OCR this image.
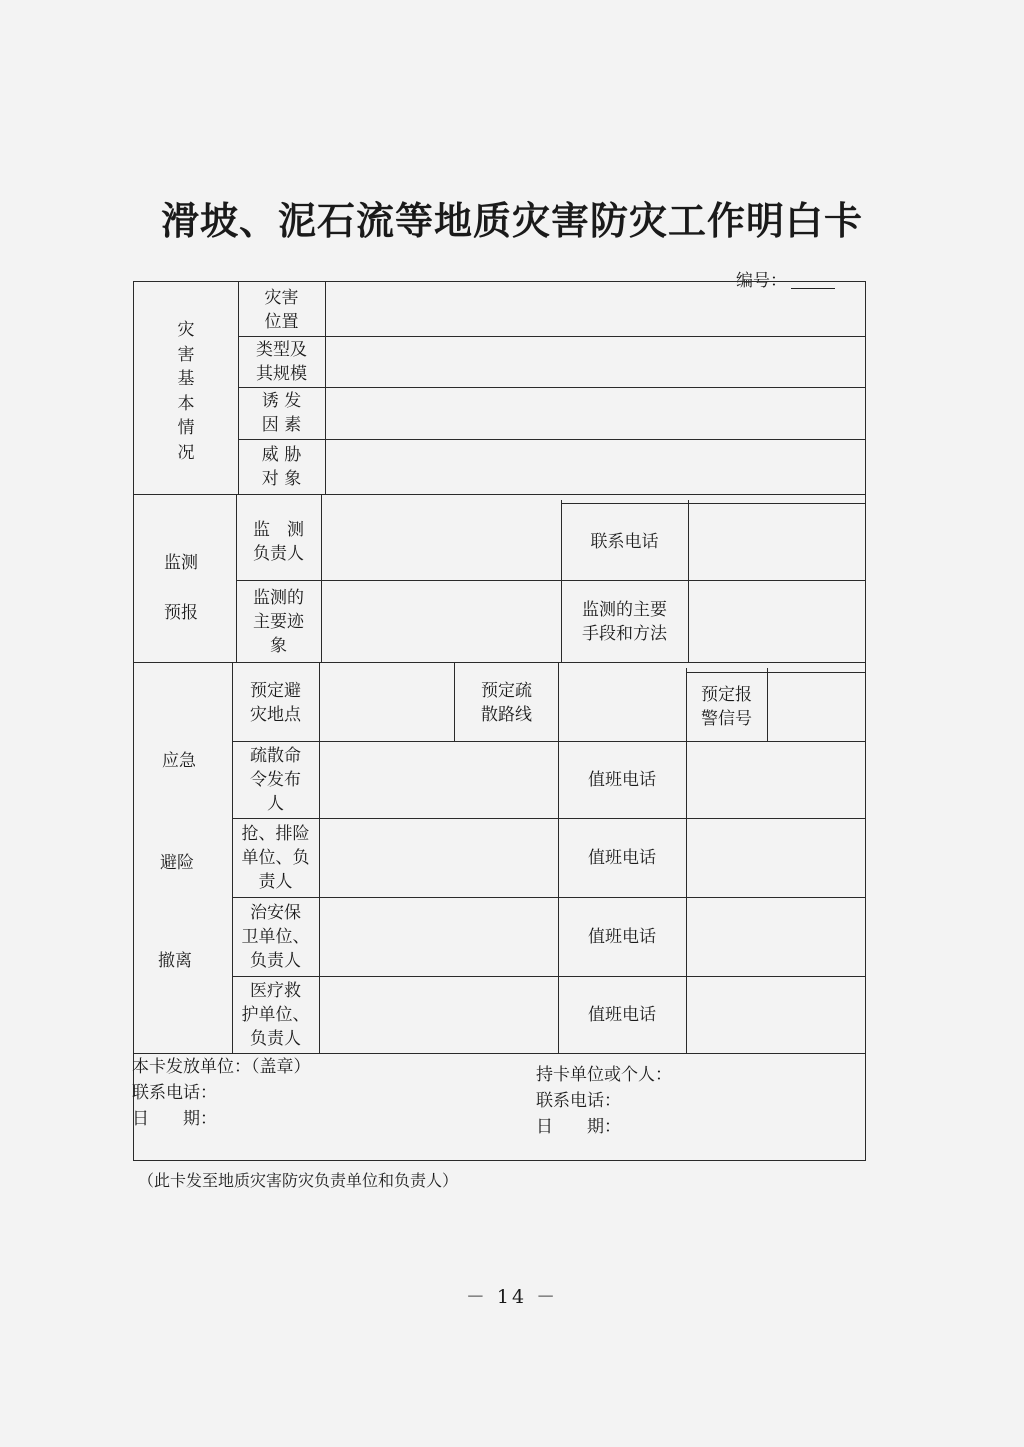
滑坡、泥石流等地质灾害防灾工作明白卡
编号：
灾
害
基
本
情
况
灾害
位置
类型及
其规模
诱 发
因 素
威 胁
对 象
监测
预报
监　测
负责人
联系电话
监测的
主要迹
象
监测的主要
手段和方法
应急
避险
撤离
预定避
灾地点
预定疏
散路线
预定报
警信号
疏散命
令发布
人
值班电话
抢、排险
单位、负
责人
值班电话
治安保
卫单位、
负责人
值班电话
医疗救
护单位、
负责人
值班电话
本卡发放单位：（盖章）
联系电话：
日　　期：
持卡单位或个人：
联系电话：
日　　期：
（此卡发至地质灾害防灾负责单位和负责人）
－ 14 －
